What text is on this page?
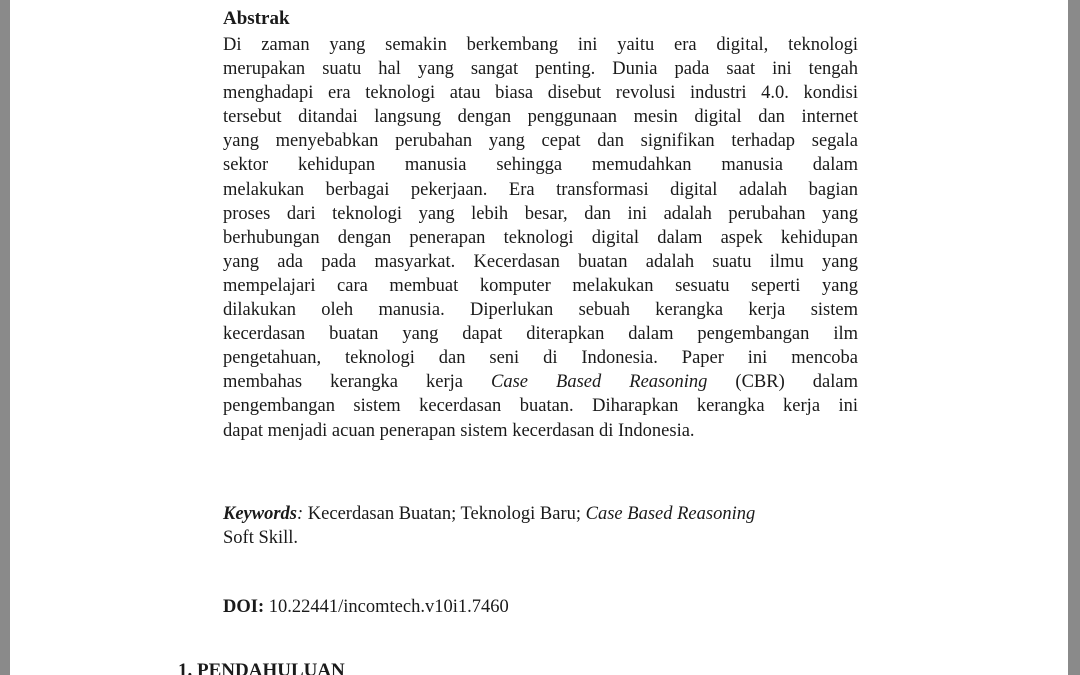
Abstrak
Di zaman yang semakin berkembang ini yaitu era digital, teknologi
merupakan suatu hal yang sangat penting. Dunia pada saat ini tengah
menghadapi era teknologi atau biasa disebut revolusi industri 4.0. kondisi
tersebut ditandai langsung dengan penggunaan mesin digital dan internet
yang menyebabkan perubahan yang cepat dan signifikan terhadap segala
sektor kehidupan manusia sehingga memudahkan manusia dalam
melakukan berbagai pekerjaan. Era transformasi digital adalah bagian
proses dari teknologi yang lebih besar, dan ini adalah perubahan yang
berhubungan dengan penerapan teknologi digital dalam aspek kehidupan
yang ada pada masyarkat. Kecerdasan buatan adalah suatu ilmu yang
mempelajari cara membuat komputer melakukan sesuatu seperti yang
dilakukan oleh manusia. Diperlukan sebuah kerangka kerja sistem
kecerdasan buatan yang dapat diterapkan dalam pengembangan ilm
pengetahuan, teknologi dan seni di Indonesia. Paper ini mencoba
membahas kerangka kerja Case Based Reasoning (CBR) dalam
pengembangan sistem kecerdasan buatan. Diharapkan kerangka kerja ini
dapat menjadi acuan penerapan sistem kecerdasan di Indonesia.
Keywords: Kecerdasan Buatan; Teknologi Baru; Case Based Reasoning
Soft Skill.
DOI: 10.22441/incomtech.v10i1.7460
1. PENDAHULUAN
